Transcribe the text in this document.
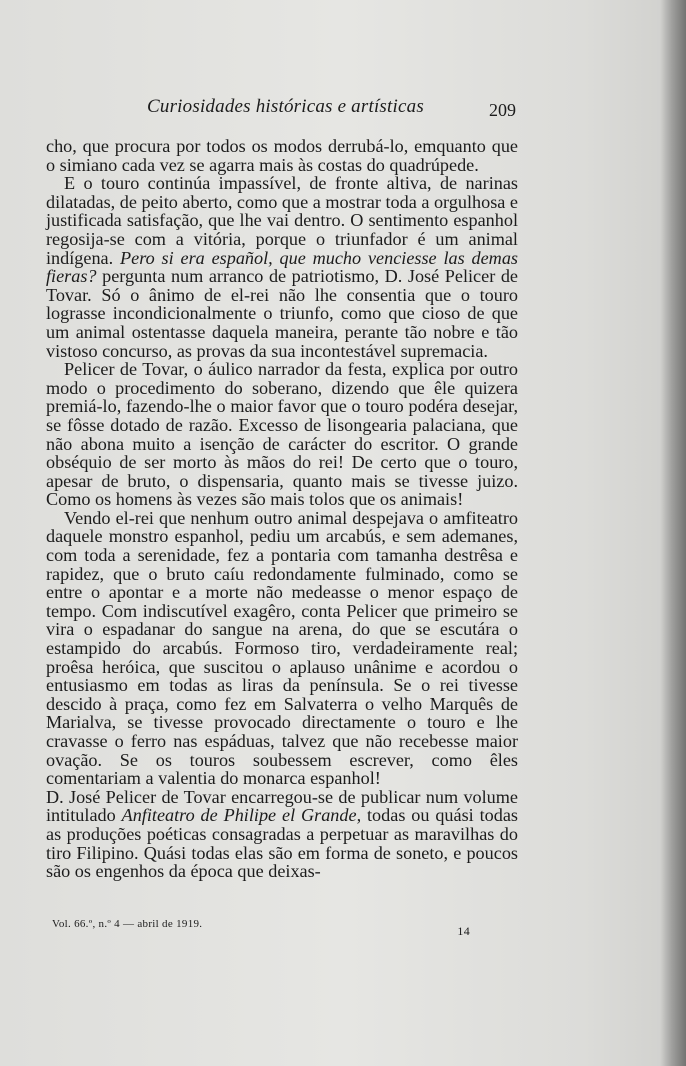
Curiosidades históricas e artísticas	209

cho, que procura por todos os modos derrubá-lo, emquanto que o simiano cada vez se agarra mais às costas do quadrúpede.

E o touro continúa impassível, de fronte altiva, de narinas dilatadas, de peito aberto, como que a mostrar toda a orgulhosa e justificada satisfação, que lhe vai dentro. O sentimento espanhol regosija-se com a vitória, porque o triunfador é um animal indígena. Pero si era español, que mucho venciesse las demas fieras? pergunta num arranco de patriotismo, D. José Pelicer de Tovar. Só o ânimo de el-rei não lhe consentia que o touro lograsse incondicionalmente o triunfo, como que cioso de que um animal ostentasse daquela maneira, perante tão nobre e tão vistoso concurso, as provas da sua incontestável supremacia.

Pelicer de Tovar, o áulico narrador da festa, explica por outro modo o procedimento do soberano, dizendo que êle quizera premiá-lo, fazendo-lhe o maior favor que o touro podéra desejar, se fôsse dotado de razão. Excesso de lisongearia palaciana, que não abona muito a isenção de carácter do escritor. O grande obséquio de ser morto às mãos do rei! De certo que o touro, apesar de bruto, o dispensaria, quanto mais se tivesse juizo. Como os homens às vezes são mais tolos que os animais!

Vendo el-rei que nenhum outro animal despejava o amfiteatro daquele monstro espanhol, pediu um arcabús, e sem ademanes, com toda a serenidade, fez a pontaria com tamanha destrêsa e rapidez, que o bruto caíu redondamente fulminado, como se entre o apontar e a morte não medeasse o menor espaço de tempo. Com indiscutível exagêro, conta Pelicer que primeiro se vira o espadanar do sangue na arena, do que se escutára o estampido do arcabús. Formoso tiro, verdadeiramente real; proêsa heróica, que suscitou o aplauso unânime e acordou o entusiasmo em todas as liras da península. Se o rei tivesse descido à praça, como fez em Salvaterra o velho Marquês de Marialva, se tivesse provocado directamente o touro e lhe cravasse o ferro nas espáduas, talvez que não recebesse maior ovação. Se os touros soubessem escrever, como êles comentariam a valentia do monarca espanhol!

D. José Pelicer de Tovar encarregou-se de publicar num volume intitulado Anfiteatro de Philipe el Grande, todas ou quási todas as produções poéticas consagradas a perpetuar as maravilhas do tiro Filipino. Quási todas elas são em forma de soneto, e poucos são os engenhos da época que deixas-

Vol. 66.º, n.º 4 — abril de 1919.	14
